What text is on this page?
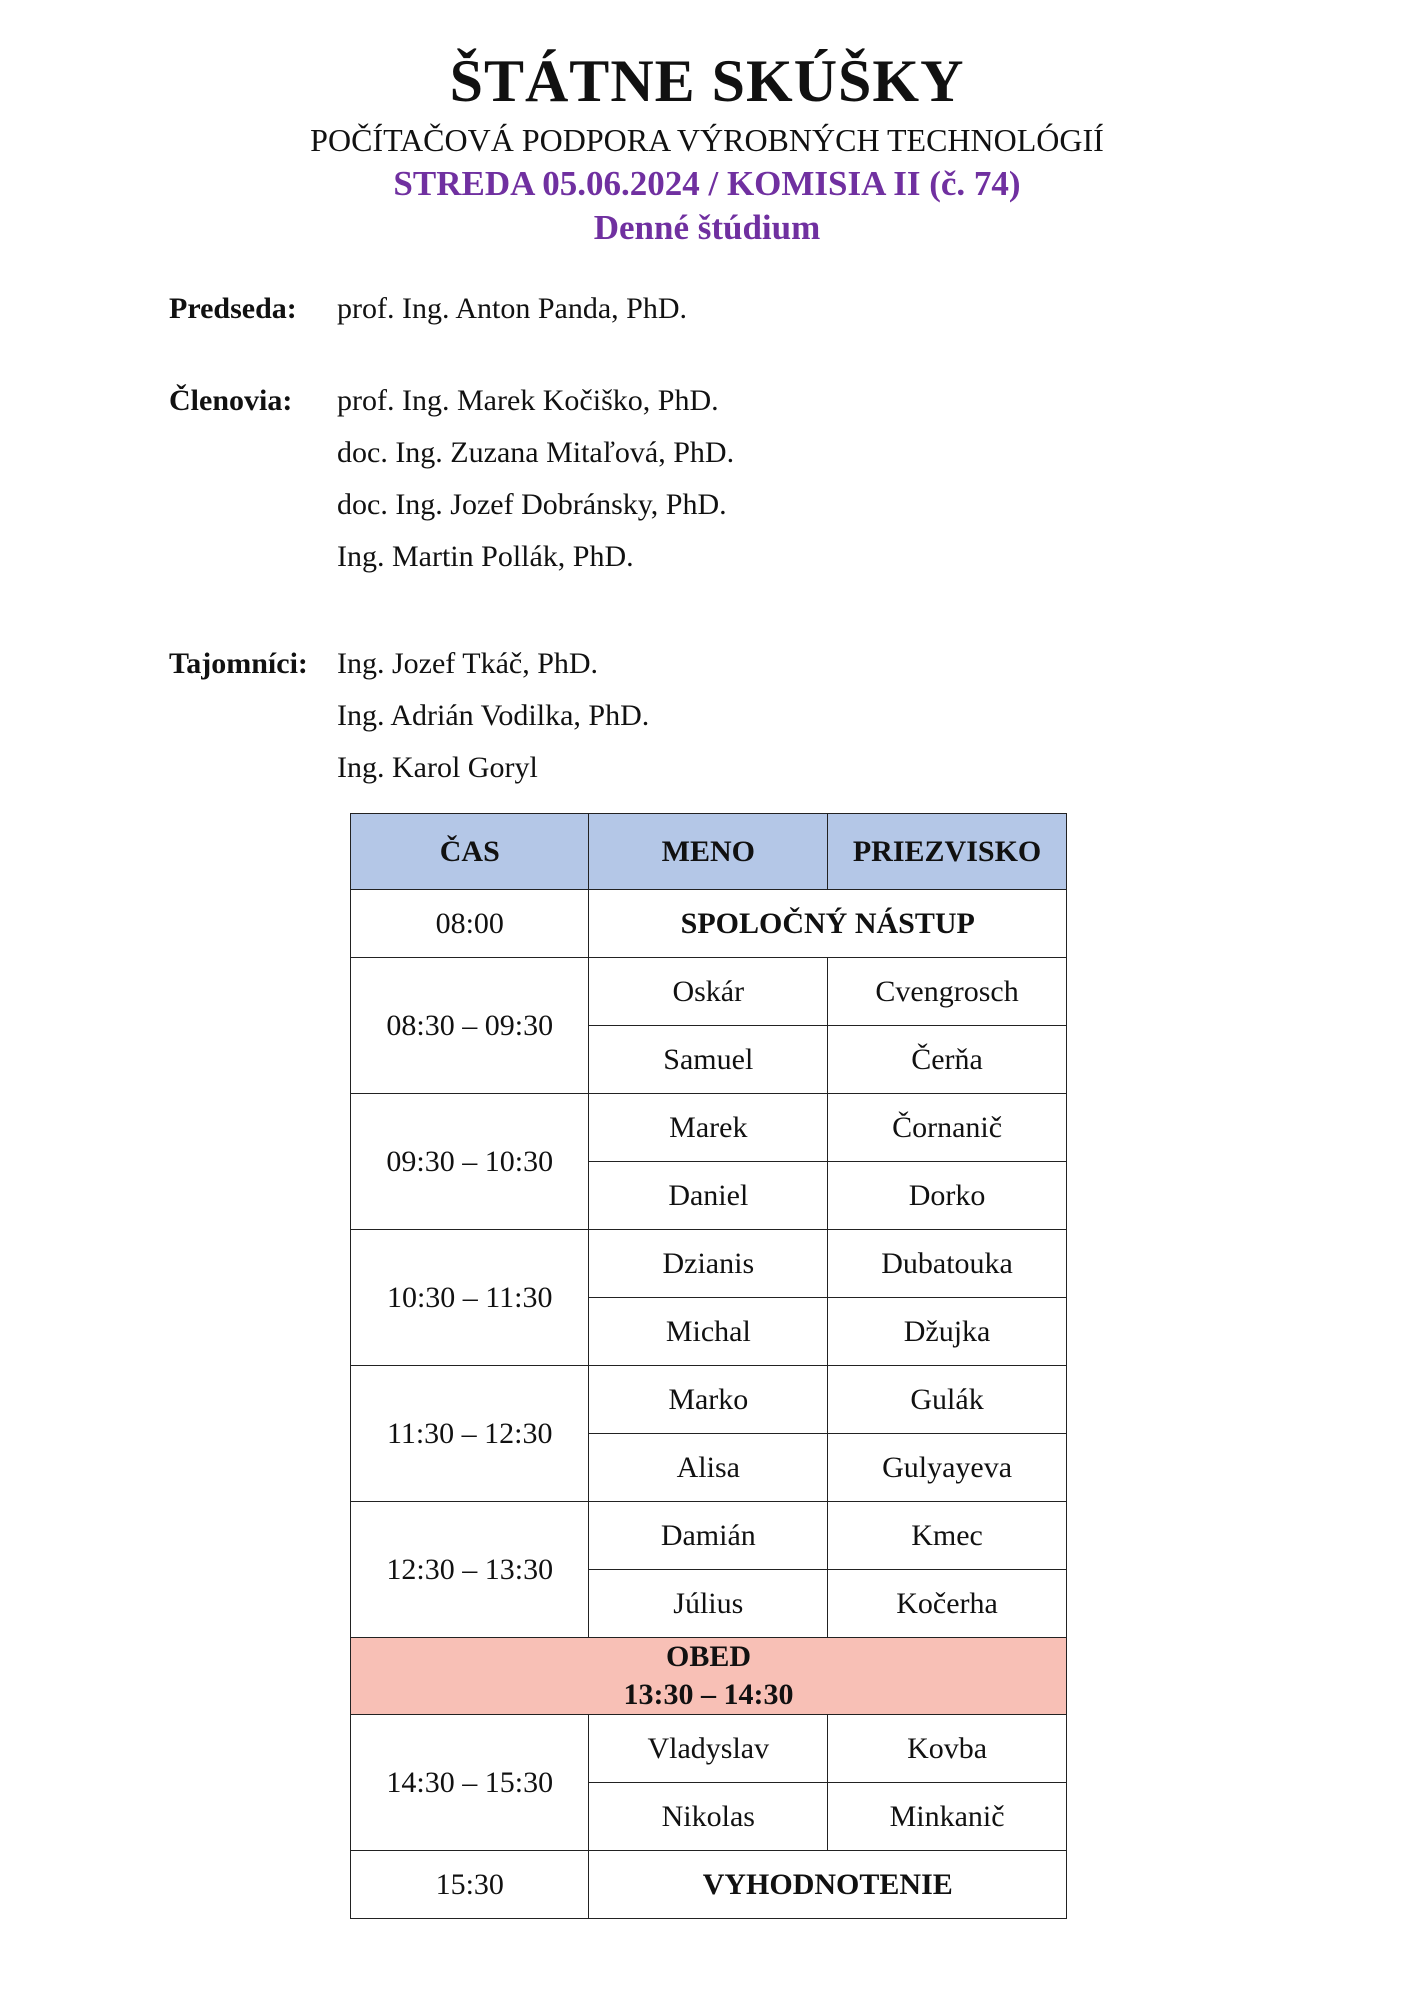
ŠTÁTNE SKÚŠKY
POČÍTAČOVÁ PODPORA VÝROBNÝCH TECHNOLÓGIÍ
STREDA 05.06.2024 / KOMISIA II (č. 74)
Denné štúdium
Predseda:	prof. Ing. Anton Panda, PhD.
Členovia:	prof. Ing. Marek Kočiško, PhD.
doc. Ing. Zuzana Mitaľová, PhD.
doc. Ing. Jozef Dobránsky, PhD.
Ing. Martin Pollák, PhD.
Tajomníci: Ing. Jozef Tkáč, PhD.
Ing. Adrián Vodilka, PhD.
Ing. Karol Goryl
ČAS	MENO	PRIEZVISKO
08:00	SPOLOČNÝ NÁSTUP	
08:30 – 09:30	Oskár	Cvengrosch
	Samuel	Čerňa
09:30 – 10:30	Marek	Čornanič
	Daniel	Dorko
10:30 – 11:30	Dzianis	Dubatouka
	Michal	Džujka
11:30 – 12:30	Marko	Gulák
	Alisa	Gulyayeva
12:30 – 13:30	Damián	Kmec
	Július	Kočerha

OBED
13:30 – 14:30		

14:30 – 15:30	Vladyslav	Kovba
	Nikolas	Minkanič
15:30	VYHODNOTENIE	
